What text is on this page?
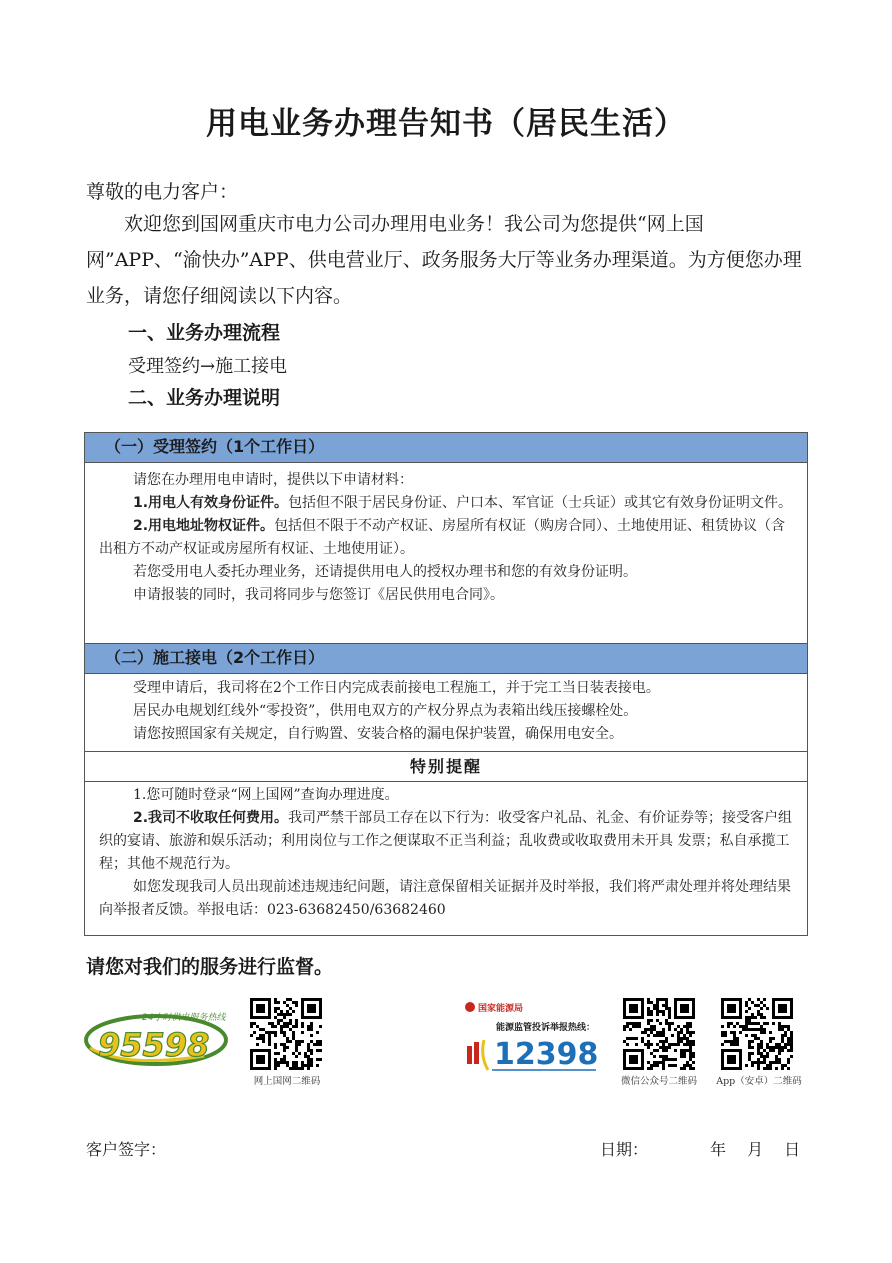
用电业务办理告知书（居民生活）
尊敬的电力客户：
欢迎您到国网重庆市电力公司办理用电业务！我公司为您提供“网上国网”APP、“渝快办”APP、供电营业厅、政务服务大厅等业务办理渠道。为方便您办理业务，请您仔细阅读以下内容。
一、业务办理流程
受理签约→施工接电
二、业务办理说明
（一）受理签约（1个工作日）

请您在办理用电申请时，提供以下申请材料：

1.用电人有效身份证件。包括但不限于居民身份证、户口本、军官证（士兵证）或其它有效身份证明文件。

2.用电地址物权证件。包括但不限于不动产权证、房屋所有权证（购房合同）、土地使用证、租赁协议（含出租方不动产权证或房屋所有权证、土地使用证）。

若您受用电人委托办理业务，还请提供用电人的授权办理书和您的有效身份证明。

申请报装的同时，我司将同步与您签订《居民供用电合同》。

（二）施工接电（2个工作日）

受理申请后，我司将在2个工作日内完成表前接电工程施工，并于完工当日装表接电。

居民办电规划红线外“零投资”，供用电双方的产权分界点为表箱出线压接螺栓处。

请您按照国家有关规定，自行购置、安装合格的漏电保护装置，确保用电安全。

特别提醒

1.您可随时登录“网上国网”查询办理进度。

2.我司不收取任何费用。我司严禁干部员工存在以下行为：收受客户礼品、礼金、有价证券等；接受客户组织的宴请、旅游和娱乐活动；利用岗位与工作之便谋取不正当利益；乱收费或收取费用未开具 发票；私自承揽工程；其他不规范行为。

如您发现我司人员出现前述违规违纪问题，请注意保留相关证据并及时举报，我们将严肃处理并将处理结果向举报者反馈。举报电话：023-63682450/63682460

请您对我们的服务进行监督。
24小时供电服务热线
95598
网上国网二维码
国家能源局
能源监管投诉举报热线：
12398
微信公众号二维码	App（安卓）二维码
客户签字：	日期：	年 月 日
